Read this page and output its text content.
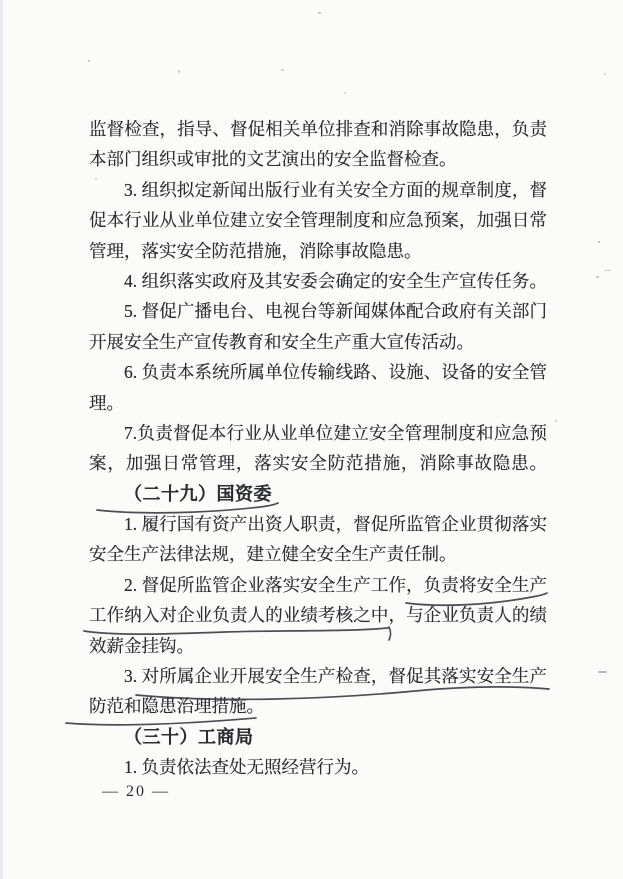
监督检查，指导、督促相关单位排查和消除事故隐患，负责
本部门组织或审批的文艺演出的安全监督检查。
3. 组织拟定新闻出版行业有关安全方面的规章制度，督
促本行业从业单位建立安全管理制度和应急预案，加强日常
管理，落实安全防范措施，消除事故隐患。
4. 组织落实政府及其安委会确定的安全生产宣传任务。
5. 督促广播电台、电视台等新闻媒体配合政府有关部门
开展安全生产宣传教育和安全生产重大宣传活动。
6. 负责本系统所属单位传输线路、设施、设备的安全管
理。
7.负责督促本行业从业单位建立安全管理制度和应急预
案，加强日常管理，落实安全防范措施，消除事故隐患。
（二十九）国资委
1. 履行国有资产出资人职责，督促所监管企业贯彻落实
安全生产法律法规，建立健全安全生产责任制。
2. 督促所监管企业落实安全生产工作，负责将安全生产
工作纳入对企业负责人的业绩考核之中，与企业负责人的绩
效薪金挂钩。
3. 对所属企业开展安全生产检查，督促其落实安全生产
防范和隐患治理措施。
（三十）工商局
1. 负责依法查处无照经营行为。
— 20 —
